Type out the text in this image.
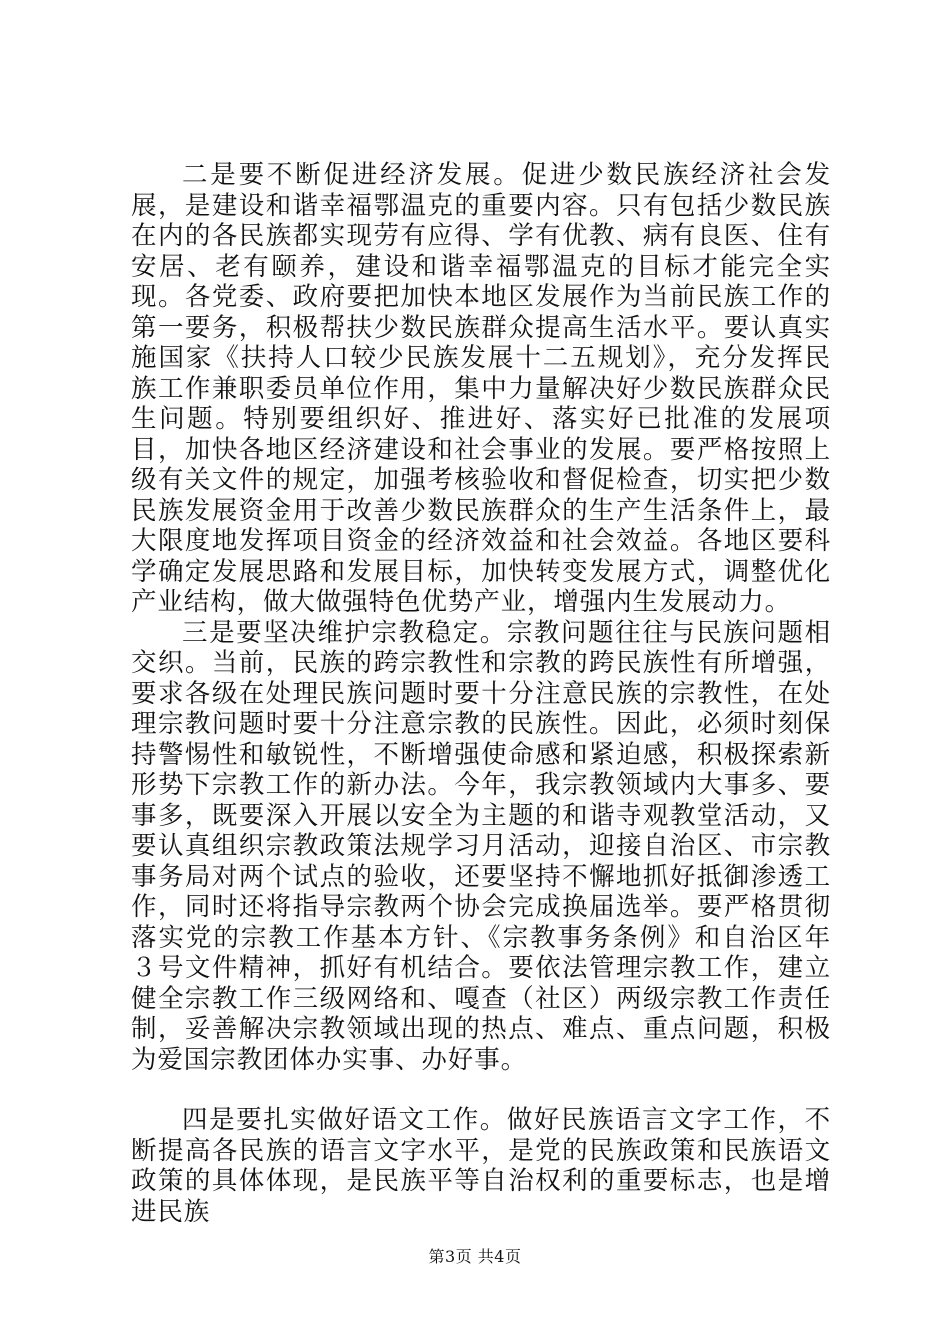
二是要不断促进经济发展。促进少数民族经济社会发展，是建设和谐幸福鄂温克的重要内容。只有包括少数民族在内的各民族都实现劳有应得、学有优教、病有良医、住有安居、老有颐养，建设和谐幸福鄂温克的目标才能完全实现。各党委、政府要把加快本地区发展作为当前民族工作的第一要务，积极帮扶少数民族群众提高生活水平。要认真实施国家《扶持人口较少民族发展十二五规划》，充分发挥民族工作兼职委员单位作用，集中力量解决好少数民族群众民生问题。特别要组织好、推进好、落实好已批准的发展项目，加快各地区经济建设和社会事业的发展。要严格按照上级有关文件的规定，加强考核验收和督促检查，切实把少数民族发展资金用于改善少数民族群众的生产生活条件上，最大限度地发挥项目资金的经济效益和社会效益。各地区要科学确定发展思路和发展目标，加快转变发展方式，调整优化产业结构，做大做强特色优势产业，增强内生发展动力。

三是要坚决维护宗教稳定。宗教问题往往与民族问题相交织。当前，民族的跨宗教性和宗教的跨民族性有所增强，要求各级在处理民族问题时要十分注意民族的宗教性，在处理宗教问题时要十分注意宗教的民族性。因此，必须时刻保持警惕性和敏锐性，不断增强使命感和紧迫感，积极探索新形势下宗教工作的新办法。今年，我宗教领域内大事多、要事多，既要深入开展以安全为主题的和谐寺观教堂活动，又要认真组织宗教政策法规学习月活动，迎接自治区、市宗教事务局对两个试点的验收，还要坚持不懈地抓好抵御渗透工作，同时还将指导宗教两个协会完成换届选举。要严格贯彻落实党的宗教工作基本方针、《宗教事务条例》和自治区年３号文件精神，抓好有机结合。要依法管理宗教工作，建立健全宗教工作三级网络和、嘎查（社区）两级宗教工作责任制，妥善解决宗教领域出现的热点、难点、重点问题，积极为爱国宗教团体办实事、办好事。

四是要扎实做好语文工作。做好民族语言文字工作，不断提高各民族的语言文字水平，是党的民族政策和民族语文政策的具体体现，是民族平等自治权利的重要标志，也是增进民族

第3页 共4页
